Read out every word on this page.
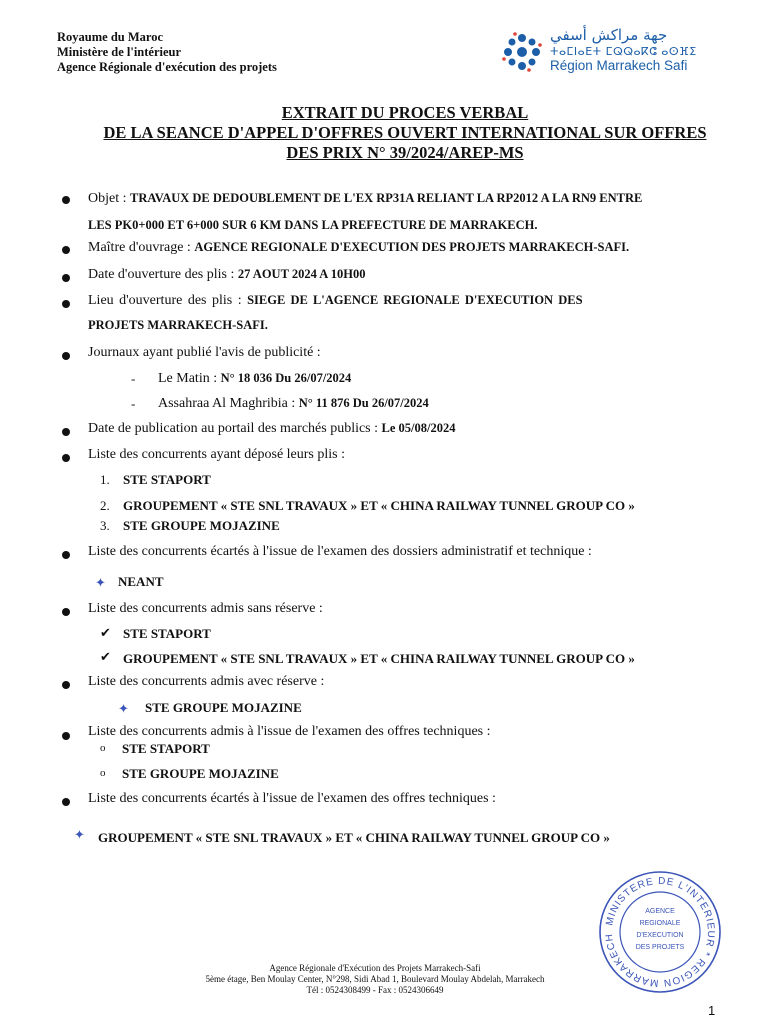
Royaume du Maroc
Ministère de l'intérieur
Agence Régionale d'exécution des projets
جهة مراكش أسفي
ⵜⴰⵎⵏⴰⴹⵜ ⵎⵕⵕⴰⴽⵛ ⴰⵙⴼⵉ
Région Marrakech Safi
EXTRAIT DU PROCES VERBAL
DE LA SEANCE D'APPEL D'OFFRES OUVERT INTERNATIONAL SUR OFFRES
DES PRIX N° 39/2024/AREP-MS
Objet : TRAVAUX DE DEDOUBLEMENT DE L'EX RP31A RELIANT LA RP2012 A LA RN9 ENTRE
LES PK0+000 ET 6+000 SUR 6 KM DANS LA PREFECTURE DE MARRAKECH.
Maître d'ouvrage : AGENCE REGIONALE D'EXECUTION DES PROJETS MARRAKECH-SAFI.
Date d'ouverture des plis : 27 AOUT 2024 A 10H00
Lieu d'ouverture des plis : SIEGE DE L'AGENCE REGIONALE D'EXECUTION DES
PROJETS MARRAKECH-SAFI.
Journaux ayant publié l'avis de publicité :
- Le Matin : N° 18 036 Du 26/07/2024
- Assahraa Al Maghribia : N° 11 876 Du 26/07/2024
Date de publication au portail des marchés publics : Le 05/08/2024
Liste des concurrents ayant déposé leurs plis :
1. STE STAPORT
2. GROUPEMENT « STE SNL TRAVAUX » ET « CHINA RAILWAY TUNNEL GROUP CO »
3. STE GROUPE MOJAZINE
Liste des concurrents écartés à l'issue de l'examen des dossiers administratif et technique :
✦ NEANT
Liste des concurrents admis sans réserve :
✔ STE STAPORT
✔ GROUPEMENT « STE SNL TRAVAUX » ET « CHINA RAILWAY TUNNEL GROUP CO »
Liste des concurrents admis avec réserve :
✦ STE GROUPE MOJAZINE
Liste des concurrents admis à l'issue de l'examen des offres techniques :
o STE STAPORT
o STE GROUPE MOJAZINE
Liste des concurrents écartés à l'issue de l'examen des offres techniques :
✦ GROUPEMENT « STE SNL TRAVAUX » ET « CHINA RAILWAY TUNNEL GROUP CO »
MINISTERE DE L'INTERIEUR * REGION MARRAKECH
AGENCE
REGIONALE
D'EXECUTION
DES PROJETS
Agence Régionale d'Exécution des Projets Marrakech-Safi
5ème étage, Ben Moulay Center, N°298, Sidi Abad 1, Boulevard Moulay Abdelah, Marrakech
Tél : 0524308499 - Fax : 0524306649
1
